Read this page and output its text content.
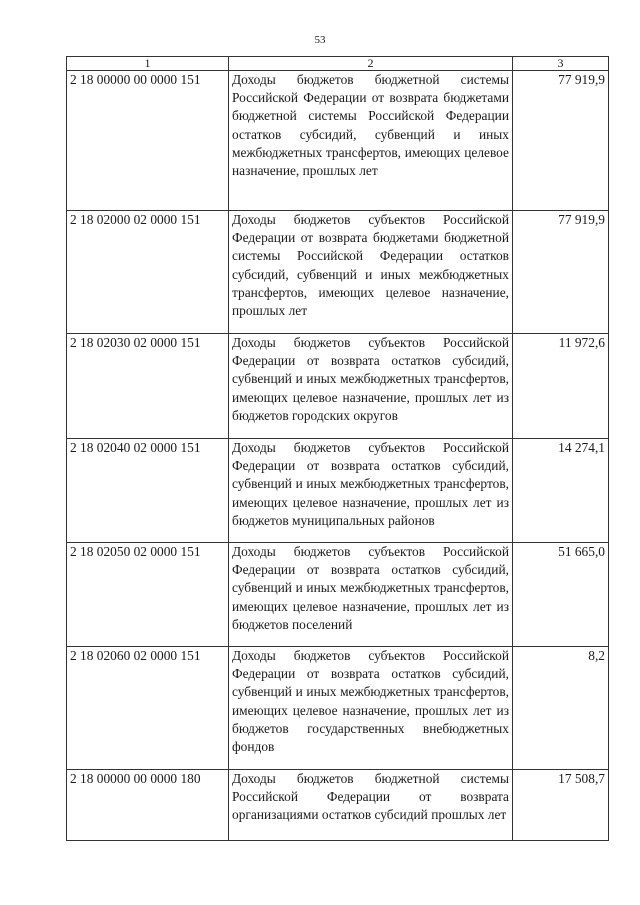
53
1	2	3
2 18 00000 00 0000 151	Доходы бюджетов бюджетной системы Российской Федерации от возврата бюджетами бюджетной системы Российской Федерации остатков субсидий, субвенций и иных межбюджетных трансфертов, имеющих целевое назначение, прошлых лет	77 919,9
2 18 02000 02 0000 151	Доходы бюджетов субъектов Российской Федерации от возврата бюджетами бюджетной системы Российской Федерации остатков субсидий, субвенций и иных межбюджетных трансфертов, имеющих целевое назначение, прошлых лет	77 919,9
2 18 02030 02 0000 151	Доходы бюджетов субъектов Российской Федерации от возврата остатков субсидий, субвенций и иных межбюджетных трансфертов, имеющих целевое назначение, прошлых лет из бюджетов городских округов	11 972,6
2 18 02040 02 0000 151	Доходы бюджетов субъектов Российской Федерации от возврата остатков субсидий, субвенций и иных межбюджетных трансфертов, имеющих целевое назначение, прошлых лет из бюджетов муниципальных районов	14 274,1
2 18 02050 02 0000 151	Доходы бюджетов субъектов Российской Федерации от возврата остатков субсидий, субвенций и иных межбюджетных трансфертов, имеющих целевое назначение, прошлых лет из бюджетов поселений	51 665,0
2 18 02060 02 0000 151	Доходы бюджетов субъектов Российской Федерации от возврата остатков субсидий, субвенций и иных межбюджетных трансфертов, имеющих целевое назначение, прошлых лет из бюджетов государственных внебюджетных фондов	8,2
2 18 00000 00 0000 180	Доходы бюджетов бюджетной системы Российской Федерации от возврата организациями остатков субсидий прошлых лет	17 508,7
